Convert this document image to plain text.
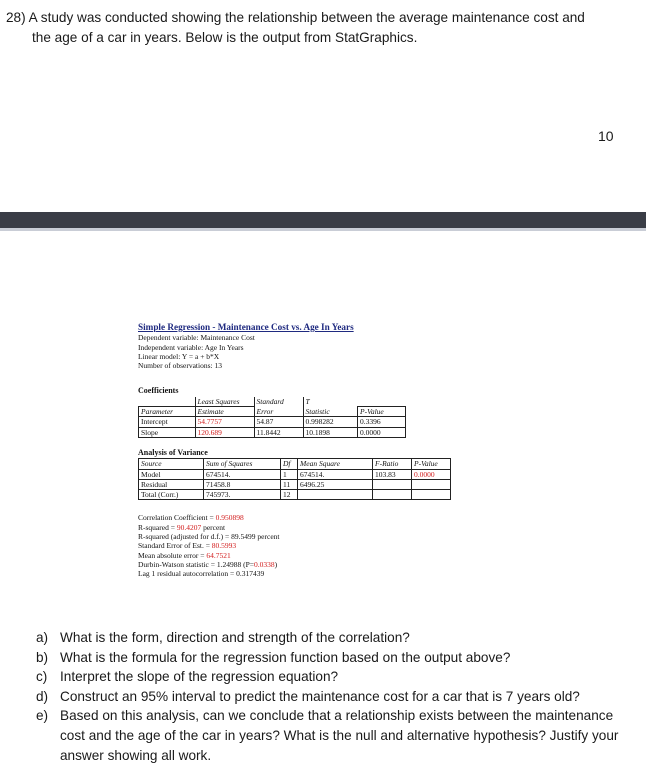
28) A study was conducted showing the relationship between the average maintenance cost and
the age of a car in years. Below is the output from StatGraphics.
10
Simple Regression - Maintenance Cost vs. Age In Years
Dependent variable: Maintenance Cost
Independent variable: Age In Years
Linear model: Y = a + b*X
Number of observations: 13
Coefficients
	Least Squares	Standard	T	
Parameter	Estimate	Error	Statistic	P-Value
Intercept	54.7757	54.87	0.998282	0.3396
Slope	120.689	11.8442	10.1898	0.0000
Analysis of Variance
Source	Sum of Squares	Df	Mean Square	F-Ratio	P-Value
Model	674514.	1	674514.	103.83	0.0000
Residual	71458.8	11	6496.25		
Total (Corr.)	745973.	12			
Correlation Coefficient = 0.950898
R-squared = 90.4207 percent
R-squared (adjusted for d.f.) = 89.5499 percent
Standard Error of Est. = 80.5993
Mean absolute error = 64.7521
Durbin-Watson statistic = 1.24988 (P=0.0338)
Lag 1 residual autocorrelation = 0.317439
a) What is the form, direction and strength of the correlation?
b) What is the formula for the regression function based on the output above?
c) Interpret the slope of the regression equation?
d) Construct an 95% interval to predict the maintenance cost for a car that is 7 years old?
e) Based on this analysis, can we conclude that a relationship exists between the maintenance cost and the age of the car in years? What is the null and alternative hypothesis? Justify your answer showing all work.
